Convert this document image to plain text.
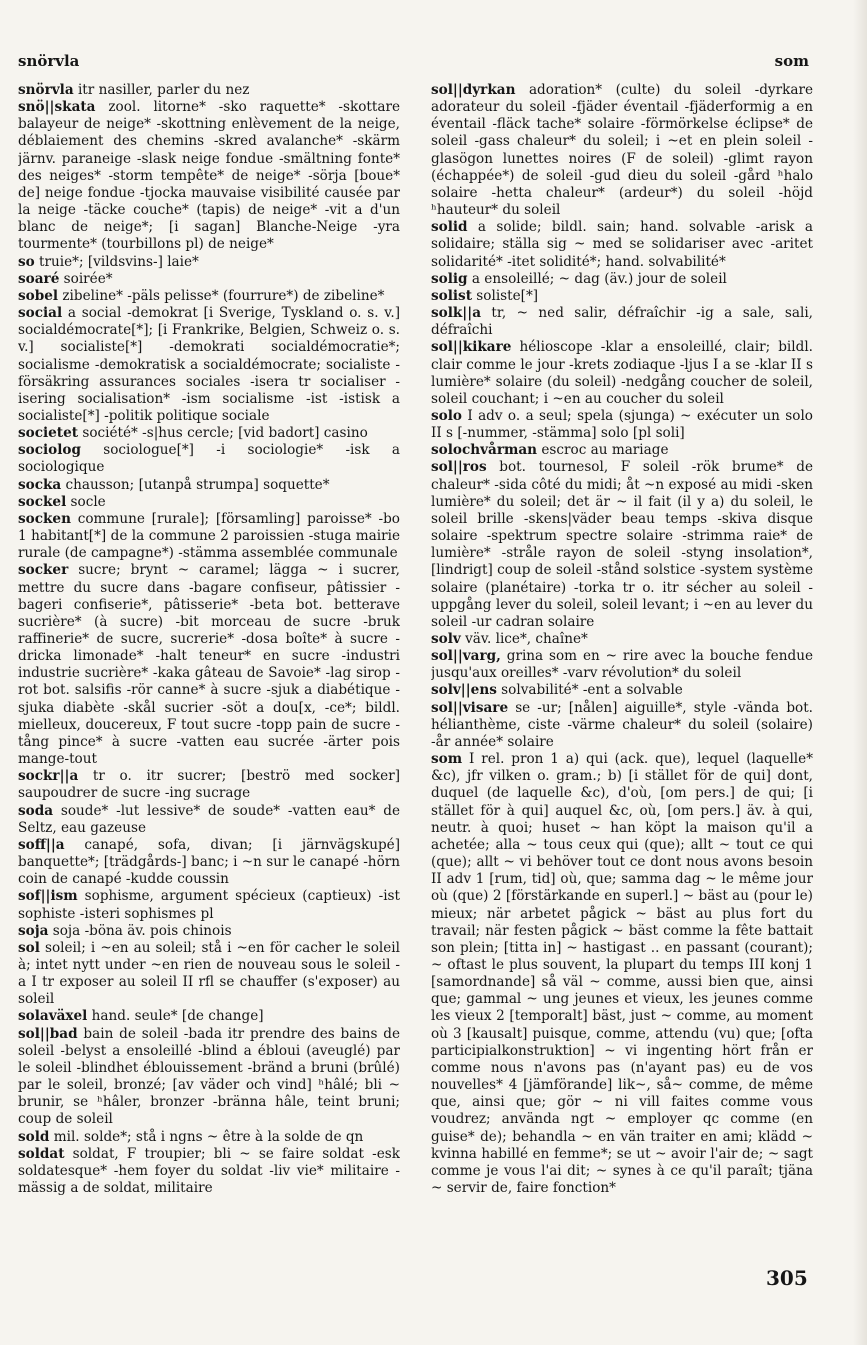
snörvla	som

snörvla itr nasiller, parler du nez

snö||skata zool. litorne* -sko raquette* -skottare balayeur de neige* -skottning enlèvement de la neige, déblaiement des chemins -skred avalanche* -skärm järnv. paraneige -slask neige fondue -smältning fonte* des neiges* -storm tempête* de neige* -sörja [boue* de] neige fondue -tjocka mauvaise visibilité causée par la neige -täcke couche* (tapis) de neige* -vit a d'un blanc de neige*; [i sagan] Blanche-Neige -yra tourmente* (tourbillons pl) de neige*

so truie*; [vildsvins-] laie*

soaré soirée*

sobel zibeline* -päls pelisse* (fourrure*) de zibeline*

social a social -demokrat [i Sverige, Tyskland o. s. v.] socialdémocrate[*]; [i Frankrike, Belgien, Schweiz o. s. v.] socialiste[*] -demokrati socialdémocratie*; socialisme -demokratisk a socialdémocrate; socialiste -försäkring assurances sociales -isera tr socialiser -isering socialisation* -ism socialisme -ist -istisk a socialiste[*] -politik politique sociale

societet société* -s|hus cercle; [vid badort] casino

sociolog sociologue[*] -i sociologie* -isk a sociologique

socka chausson; [utanpå strumpa] soquette*

sockel socle

socken commune [rurale]; [församling] paroisse* -bo 1 habitant[*] de la commune 2 paroissien -stuga mairie rurale (de campagne*) -stämma assemblée communale

socker sucre; brynt ~ caramel; lägga ~ i sucrer, mettre du sucre dans -bagare confiseur, pâtissier -bageri confiserie*, pâtisserie* -beta bot. betterave sucrière* (à sucre) -bit morceau de sucre -bruk raffinerie* de sucre, sucrerie* -dosa boîte* à sucre -dricka limonade* -halt teneur* en sucre -industri industrie sucrière* -kaka gâteau de Savoie* -lag sirop -rot bot. salsifis -rör canne* à sucre -sjuk a diabétique -sjuka diabète -skål sucrier -söt a dou[x, -ce*; bildl. mielleux, doucereux, F tout sucre -topp pain de sucre -tång pince* à sucre -vatten eau sucrée -ärter pois mange-tout

sockr||a tr o. itr sucrer; [beströ med socker] saupoudrer de sucre -ing sucrage

soda soude* -lut lessive* de soude* -vatten eau* de Seltz, eau gazeuse

soff||a canapé, sofa, divan; [i järnvägskupé] banquette*; [trädgårds-] banc; i ~n sur le canapé -hörn coin de canapé -kudde coussin

sof||ism sophisme, argument spécieux (captieux) -ist sophiste -isteri sophismes pl

soja soja -böna äv. pois chinois

sol soleil; i ~en au soleil; stå i ~en för cacher le soleil à; intet nytt under ~en rien de nouveau sous le soleil -a I tr exposer au soleil II rfl se chauffer (s'exposer) au soleil

solaväxel hand. seule* [de change]

sol||bad bain de soleil -bada itr prendre des bains de soleil -belyst a ensoleillé -blind a ébloui (aveuglé) par le soleil -blindhet éblouissement -bränd a bruni (brûlé) par le soleil, bronzé; [av väder och vind] ʰhâlé; bli ~ brunir, se ʰhâler, bronzer -bränna hâle, teint bruni; coup de soleil

sold mil. solde*; stå i ngns ~ être à la solde de qn

soldat soldat, F troupier; bli ~ se faire soldat -esk soldatesque* -hem foyer du soldat -liv vie* militaire -mässig a de soldat, militaire

sol||dyrkan adoration* (culte) du soleil -dyrkare adorateur du soleil -fjäder éventail -fjäderformig a en éventail -fläck tache* solaire -förmörkelse éclipse* de soleil -gass chaleur* du soleil; i ~et en plein soleil -glasögon lunettes noires (F de soleil) -glimt rayon (échappée*) de soleil -gud dieu du soleil -gård ʰhalo solaire -hetta chaleur* (ardeur*) du soleil -höjd ʰhauteur* du soleil

solid a solide; bildl. sain; hand. solvable -arisk a solidaire; ställa sig ~ med se solidariser avec -aritet solidarité* -itet solidité*; hand. solvabilité*

solig a ensoleillé; ~ dag (äv.) jour de soleil

solist soliste[*]

solk||a tr, ~ ned salir, défraîchir -ig a sale, sali, défraîchi

sol||kikare hélioscope -klar a ensoleillé, clair; bildl. clair comme le jour -krets zodiaque -ljus I a se -klar II s lumière* solaire (du soleil) -nedgång coucher de soleil, soleil couchant; i ~en au coucher du soleil

solo I adv o. a seul; spela (sjunga) ~ exécuter un solo II s [-nummer, -stämma] solo [pl soli]

solochvårman escroc au mariage

sol||ros bot. tournesol, F soleil -rök brume* de chaleur* -sida côté du midi; åt ~n exposé au midi -sken lumière* du soleil; det är ~ il fait (il y a) du soleil, le soleil brille -skens|väder beau temps -skiva disque solaire -spektrum spectre solaire -strimma raie* de lumière* -stråle rayon de soleil -styng insolation*, [lindrigt] coup de soleil -stånd solstice -system système solaire (planétaire) -torka tr o. itr sécher au soleil -uppgång lever du soleil, soleil levant; i ~en au lever du soleil -ur cadran solaire

solv väv. lice*, chaîne*

sol||varg, grina som en ~ rire avec la bouche fendue jusqu'aux oreilles* -varv révolution* du soleil

solv||ens solvabilité* -ent a solvable

sol||visare se -ur; [nålen] aiguille*, style -vända bot. hélianthème, ciste -värme chaleur* du soleil (solaire) -år année* solaire

som I rel. pron 1 a) qui (ack. que), lequel (laquelle* &c), jfr vilken o. gram.; b) [i stället för de qui] dont, duquel (de laquelle &c), d'où, [om pers.] de qui; [i stället för à qui] auquel &c, où, [om pers.] äv. à qui, neutr. à quoi; huset ~ han köpt la maison qu'il a achetée; alla ~ tous ceux qui (que); allt ~ tout ce qui (que); allt ~ vi behöver tout ce dont nous avons besoin II adv 1 [rum, tid] où, que; samma dag ~ le même jour où (que) 2 [förstärkande en superl.] ~ bäst au (pour le) mieux; när arbetet pågick ~ bäst au plus fort du travail; när festen pågick ~ bäst comme la fête battait son plein; [titta in] ~ hastigast .. en passant (courant); ~ oftast le plus souvent, la plupart du temps III konj 1 [samordnande] så väl ~ comme, aussi bien que, ainsi que; gammal ~ ung jeunes et vieux, les jeunes comme les vieux 2 [temporalt] bäst, just ~ comme, au moment où 3 [kausalt] puisque, comme, attendu (vu) que; [ofta participialkonstruktion] ~ vi ingenting hört från er comme nous n'avons pas (n'ayant pas) eu de vos nouvelles* 4 [jämförande] lik~, så~ comme, de même que, ainsi que; gör ~ ni vill faites comme vous voudrez; använda ngt ~ employer qc comme (en guise* de); behandla ~ en vän traiter en ami; klädd ~ kvinna habillé en femme*; se ut ~ avoir l'air de; ~ sagt comme je vous l'ai dit; ~ synes à ce qu'il paraît; tjäna ~ servir de, faire fonction*

305
